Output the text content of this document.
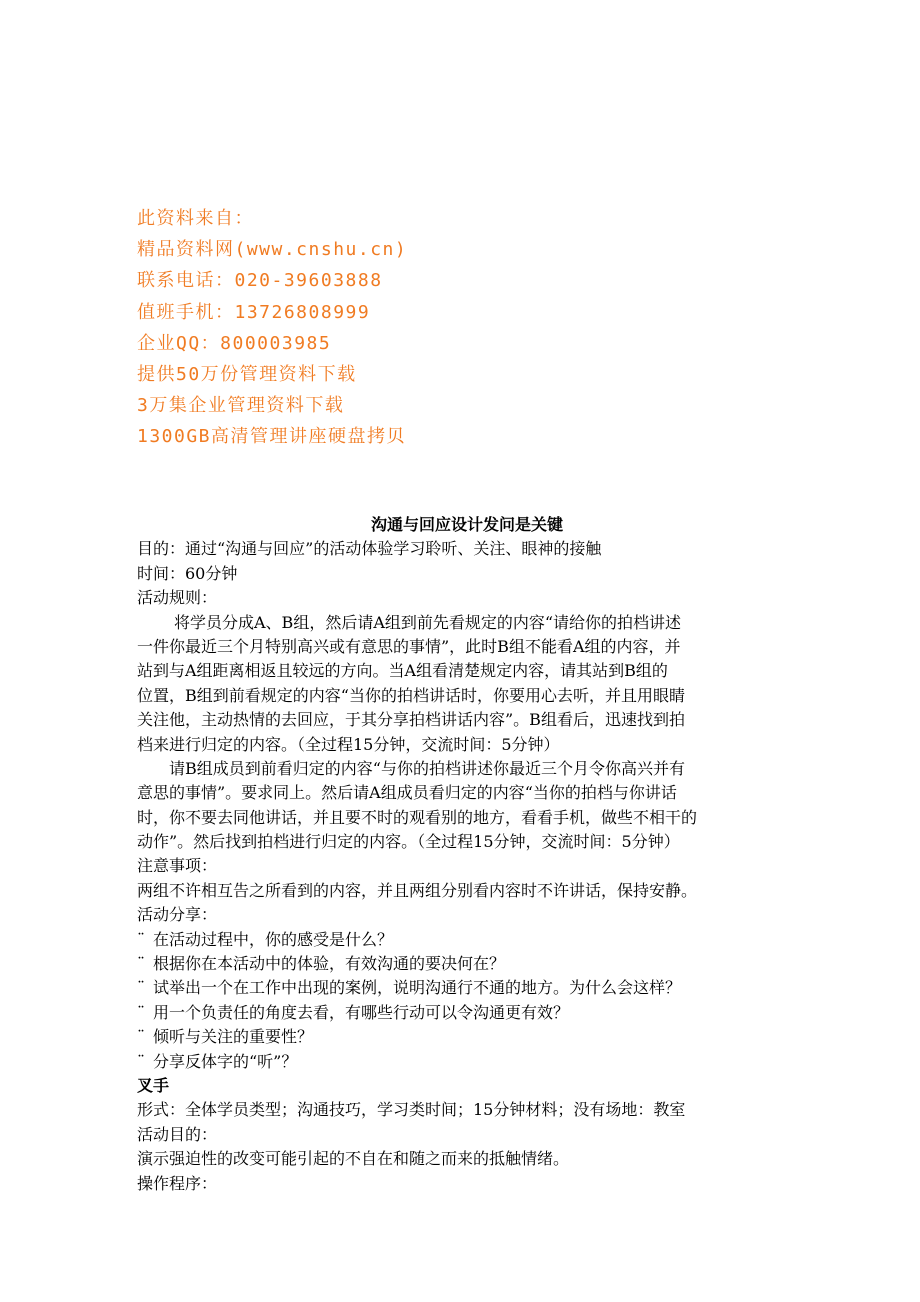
此资料来自：
精品资料网(www.cnshu.cn)
联系电话：020-39603888
值班手机：13726808999
企业QQ：800003985
提供50万份管理资料下载
3万集企业管理资料下载
1300GB高清管理讲座硬盘拷贝
沟通与回应设计发问是关键
目的：通过“沟通与回应”的活动体验学习聆听、关注、眼神的接触
时间：60分钟
活动规则：
将学员分成A、B组，然后请A组到前先看规定的内容“请给你的拍档讲述
一件你最近三个月特别高兴或有意思的事情”，此时B组不能看A组的内容，并
站到与A组距离相返且较远的方向。当A组看清楚规定内容，请其站到B组的
位置，B组到前看规定的内容“当你的拍档讲话时，你要用心去听，并且用眼睛
关注他，主动热情的去回应，于其分享拍档讲话内容”。B组看后，迅速找到拍
档来进行归定的内容。（全过程15分钟，交流时间：5分钟）
请B组成员到前看归定的内容“与你的拍档讲述你最近三个月令你高兴并有
意思的事情”。要求同上。然后请A组成员看归定的内容“当你的拍档与你讲话
时，你不要去同他讲话，并且要不时的观看别的地方，看看手机，做些不相干的
动作”。然后找到拍档进行归定的内容。（全过程15分钟，交流时间：5分钟）
注意事项：
两组不许相互告之所看到的内容，并且两组分别看内容时不许讲话，保持安静。
活动分享：
¨ 在活动过程中，你的感受是什么？
¨ 根据你在本活动中的体验，有效沟通的要决何在？
¨ 试举出一个在工作中出现的案例，说明沟通行不通的地方。为什么会这样？
¨ 用一个负责任的角度去看，有哪些行动可以令沟通更有效？
¨ 倾听与关注的重要性？
¨ 分享反体字的“听”？
叉手
形式：全体学员类型；沟通技巧，学习类时间；15分钟材料；没有场地：教室
活动目的：
演示强迫性的改变可能引起的不自在和随之而来的抵触情绪。
操作程序：
